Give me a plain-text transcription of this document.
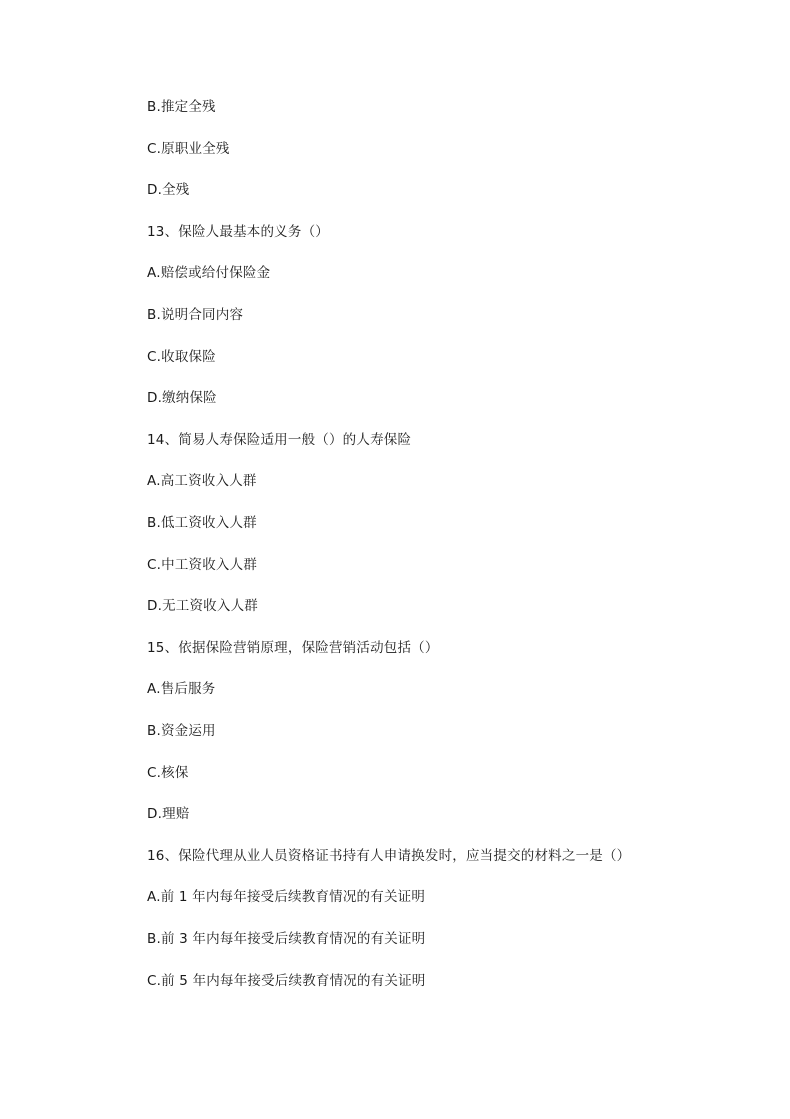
B.推定全残
C.原职业全残
D.全残
13、保险人最基本的义务（）
A.赔偿或给付保险金
B.说明合同内容
C.收取保险
D.缴纳保险
14、简易人寿保险适用一般（）的人寿保险
A.高工资收入人群
B.低工资收入人群
C.中工资收入人群
D.无工资收入人群
15、依据保险营销原理，保险营销活动包括（）
A.售后服务
B.资金运用
C.核保
D.理赔
16、保险代理从业人员资格证书持有人申请换发时，应当提交的材料之一是（）
A.前 1 年内每年接受后续教育情况的有关证明
B.前 3 年内每年接受后续教育情况的有关证明
C.前 5 年内每年接受后续教育情况的有关证明
